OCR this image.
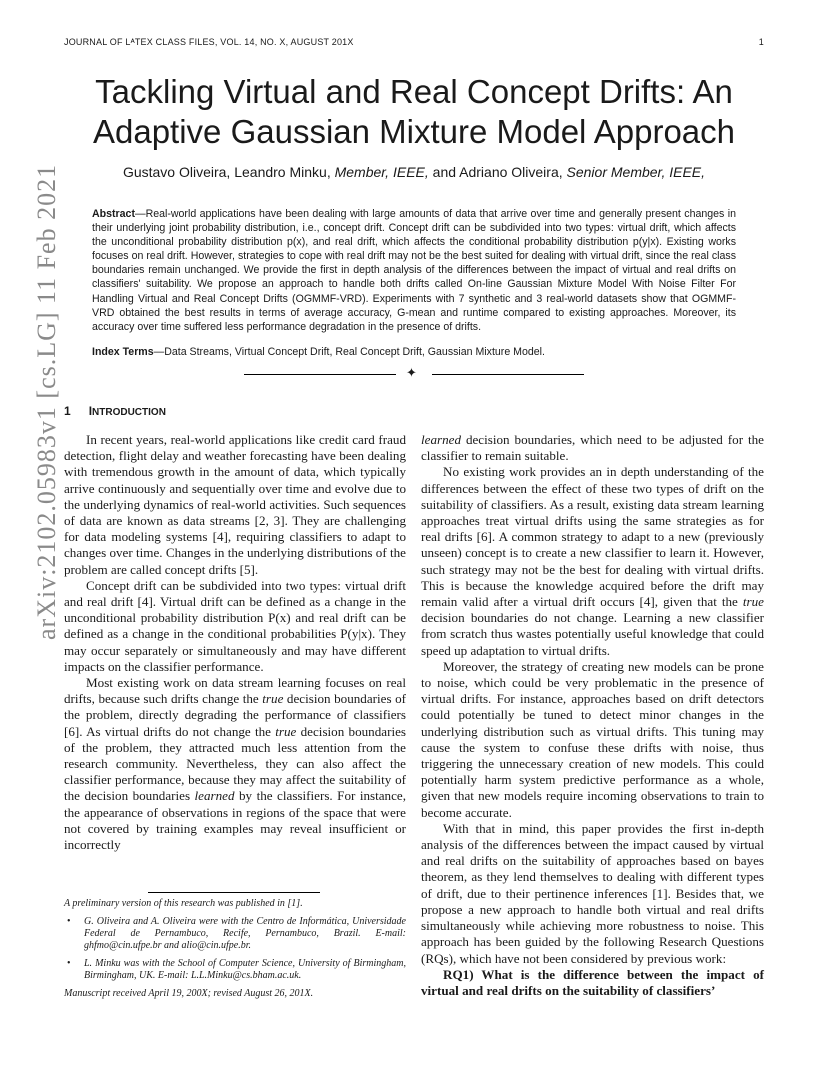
JOURNAL OF LᴬTEX CLASS FILES, VOL. 14, NO. X, AUGUST 201X	1
Tackling Virtual and Real Concept Drifts: An
Adaptive Gaussian Mixture Model Approach
Gustavo Oliveira, Leandro Minku, Member, IEEE, and Adriano Oliveira, Senior Member, IEEE,
Abstract—Real-world applications have been dealing with large amounts of data that arrive over time and generally present changes in their underlying joint probability distribution, i.e., concept drift. Concept drift can be subdivided into two types: virtual drift, which affects the unconditional probability distribution p(x), and real drift, which affects the conditional probability distribution p(y|x). Existing works focuses on real drift. However, strategies to cope with real drift may not be the best suited for dealing with virtual drift, since the real class boundaries remain unchanged. We provide the first in depth analysis of the differences between the impact of virtual and real drifts on classifiers' suitability. We propose an approach to handle both drifts called On-line Gaussian Mixture Model With Noise Filter For Handling Virtual and Real Concept Drifts (OGMMF-VRD). Experiments with 7 synthetic and 3 real-world datasets show that OGMMF-VRD obtained the best results in terms of average accuracy, G-mean and runtime compared to existing approaches. Moreover, its accuracy over time suffered less performance degradation in the presence of drifts.
Index Terms—Data Streams, Virtual Concept Drift, Real Concept Drift, Gaussian Mixture Model.
✦
1 INTRODUCTION
arXiv:2102.05983v1 [cs.LG] 11 Feb 2021	In recent years, real-world applications like credit card fraud detection, flight delay and weather forecasting have been dealing with tremendous growth in the amount of data, which typically arrive continuously and sequentially over time and evolve due to the underlying dynamics of real-world activities. Such sequences of data are known as data streams [2, 3]. They are challenging for data modeling systems [4], requiring classifiers to adapt to changes over time. Changes in the underlying distributions of the problem are called concept drifts [5].

Concept drift can be subdivided into two types: virtual drift and real drift [4]. Virtual drift can be defined as a change in the unconditional probability distribution P(x) and real drift can be defined as a change in the conditional probabilities P(y|x). They may occur separately or simultaneously and may have different impacts on the classifier performance.

Most existing work on data stream learning focuses on real drifts, because such drifts change the true decision boundaries of the problem, directly degrading the performance of classifiers [6]. As virtual drifts do not change the true decision boundaries of the problem, they attracted much less attention from the research community. Nevertheless, they can also affect the classifier performance, because they may affect the suitability of the decision boundaries learned by the classifiers. For instance, the appearance of observations in regions of the space that were not covered by training examples may reveal insufficient or incorrectly

learned decision boundaries, which need to be adjusted for the classifier to remain suitable.

No existing work provides an in depth understanding of the differences between the effect of these two types of drift on the suitability of classifiers. As a result, existing data stream learning approaches treat virtual drifts using the same strategies as for real drifts [6]. A common strategy to adapt to a new (previously unseen) concept is to create a new classifier to learn it. However, such strategy may not be the best for dealing with virtual drifts. This is because the knowledge acquired before the drift may remain valid after a virtual drift occurs [4], given that the true decision boundaries do not change. Learning a new classifier from scratch thus wastes potentially useful knowledge that could speed up adaptation to virtual drifts.

Moreover, the strategy of creating new models can be prone to noise, which could be very problematic in the presence of virtual drifts. For instance, approaches based on drift detectors could potentially be tuned to detect minor changes in the underlying distribution such as virtual drifts. This tuning may cause the system to confuse these drifts with noise, thus triggering the unnecessary creation of new models. This could potentially harm system predictive performance as a whole, given that new models require incoming observations to train to become accurate.

With that in mind, this paper provides the first in-depth analysis of the differences between the impact caused by virtual and real drifts on the suitability of approaches based on bayes theorem, as they lend themselves to dealing with different types of drift, due to their pertinence inferences [1]. Besides that, we propose a new approach to handle both virtual and real drifts simultaneously while achieving more robustness to noise. This approach has been guided by the following Research Questions (RQs), which have not been considered by previous work:

RQ1) What is the difference between the impact of virtual and real drifts on the suitability of classifiers’

A preliminary version of this research was published in [1].
• G. Oliveira and A. Oliveira were with the Centro de Informática, Universidade Federal de Pernambuco, Recife, Pernambuco, Brazil. E-mail: ghfmo@cin.ufpe.br and alio@cin.ufpe.br.
• L. Minku was with the School of Computer Science, University of Birmingham, Birmingham, UK. E-mail: L.L.Minku@cs.bham.ac.uk.
Manuscript received April 19, 200X; revised August 26, 201X.
